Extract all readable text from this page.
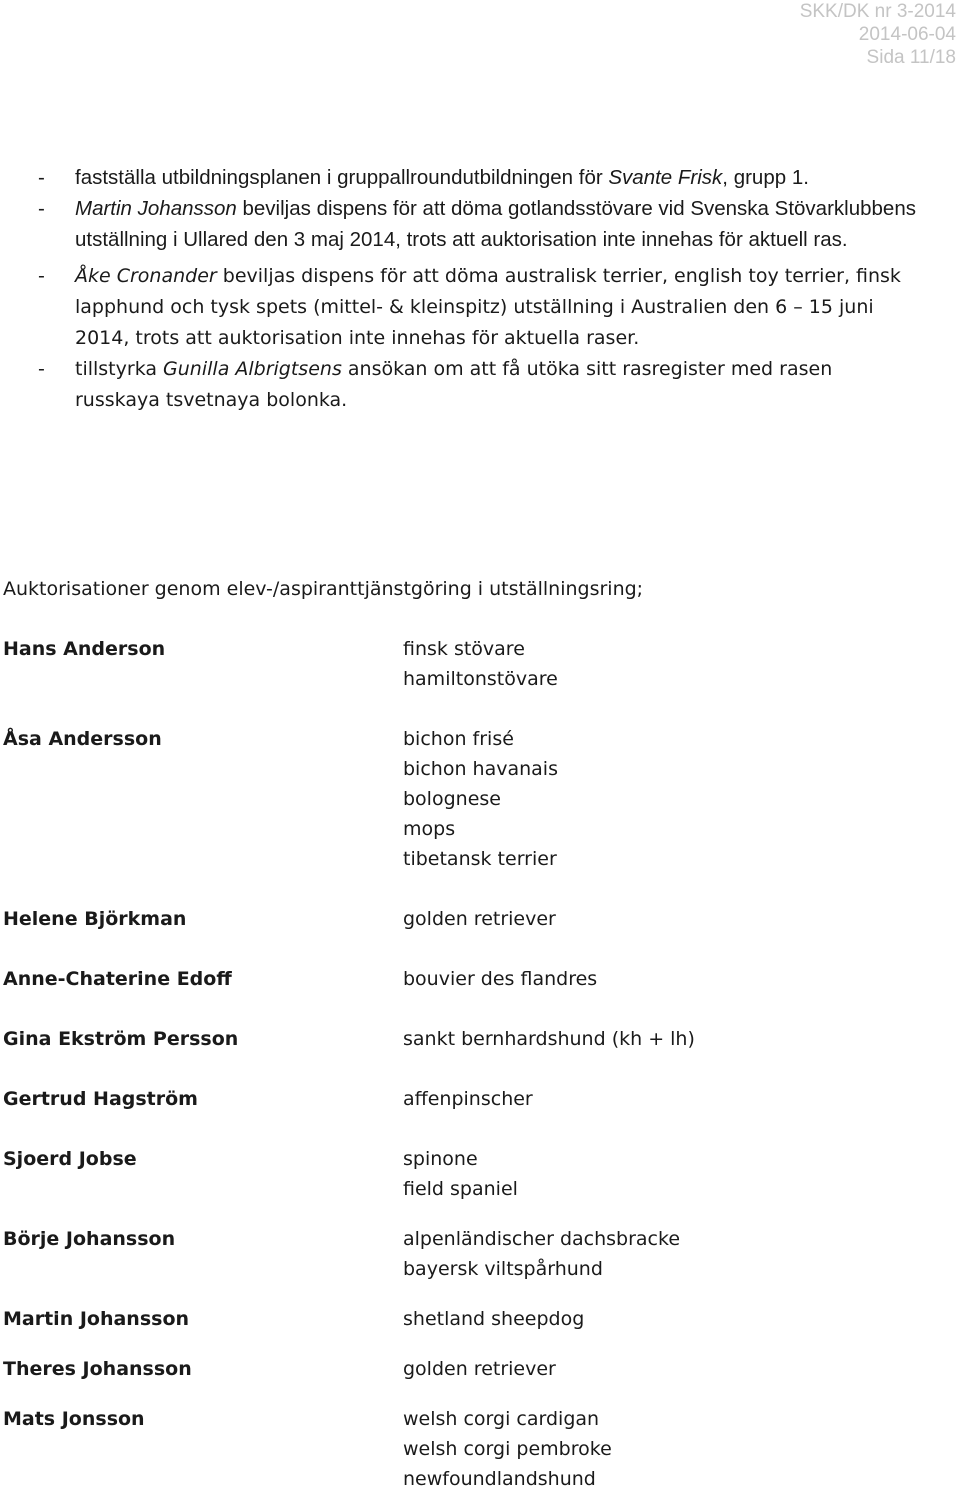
SKK/DK nr 3-2014
2014-06-04
Sida 11/18
- fastställa utbildningsplanen i gruppallroundutbildningen för Svante Frisk, grupp 1.
- Martin Johansson beviljas dispens för att döma gotlandsstövare vid Svenska Stövarklubbens utställning i Ullared den 3 maj 2014, trots att auktorisation inte innehas för aktuell ras.
- Åke Cronander beviljas dispens för att döma australisk terrier, english toy terrier, finsk lapphund och tysk spets (mittel- & kleinspitz) utställning i Australien den 6 – 15 juni 2014, trots att auktorisation inte innehas för aktuella raser.
- tillstyrka Gunilla Albrigtsens ansökan om att få utöka sitt rasregister med rasen russkaya tsvetnaya bolonka.
Auktorisationer genom elev-/aspiranttjänstgöring i utställningsring;
Hans Anderson	finsk stövare
hamiltonstövare
Åsa Andersson	bichon frisé
bichon havanais
bolognese
mops
tibetansk terrier
Helene Björkman	golden retriever
Anne-Chaterine Edoff	bouvier des flandres
Gina Ekström Persson	sankt bernhardshund (kh + lh)
Gertrud Hagström	affenpinscher
Sjoerd Jobse	spinone
field spaniel
Börje Johansson	alpenländischer dachsbracke
bayersk viltspårhund
Martin Johansson	shetland sheepdog
Theres Johansson	golden retriever
Mats Jonsson	welsh corgi cardigan
welsh corgi pembroke
newfoundlandshund
